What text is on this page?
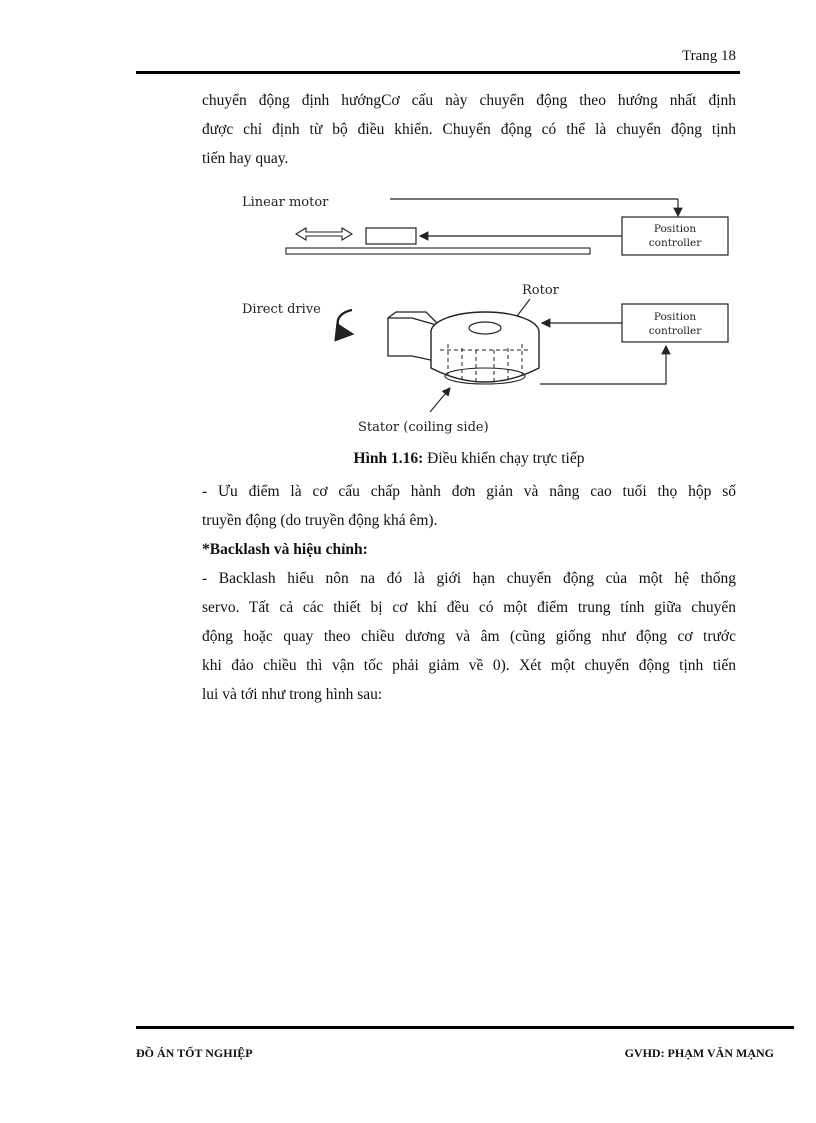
Trang 18
chuyển động định hướngCơ cấu này chuyển động theo hướng nhất định
được chỉ định từ bộ điều khiển. Chuyển động có thể là chuyển động tịnh
tiến hay quay.
Linear motor
Position
controller
Direct drive
Rotor
Position
controller
Stator (coiling side)
Hình 1.16: Điều khiển chạy trực tiếp
- Ưu điểm là cơ cấu chấp hành đơn giản và nâng cao tuổi thọ hộp số
truyền động (do truyền động khá êm).
*Backlash và hiệu chỉnh:
- Backlash hiểu nôn na đó là giới hạn chuyển động của một hệ thống
servo. Tất cả các thiết bị cơ khí đều có một điểm trung tính giữa chuyển
động hoặc quay theo chiều dương và âm (cũng giống như động cơ trước
khi đảo chiều thì vận tốc phải giảm về 0). Xét một chuyển động tịnh tiến
lui và tới như trong hình sau:
ĐỒ ÁN TỐT NGHIỆP	GVHD: PHẠM VĂN MẠNG
